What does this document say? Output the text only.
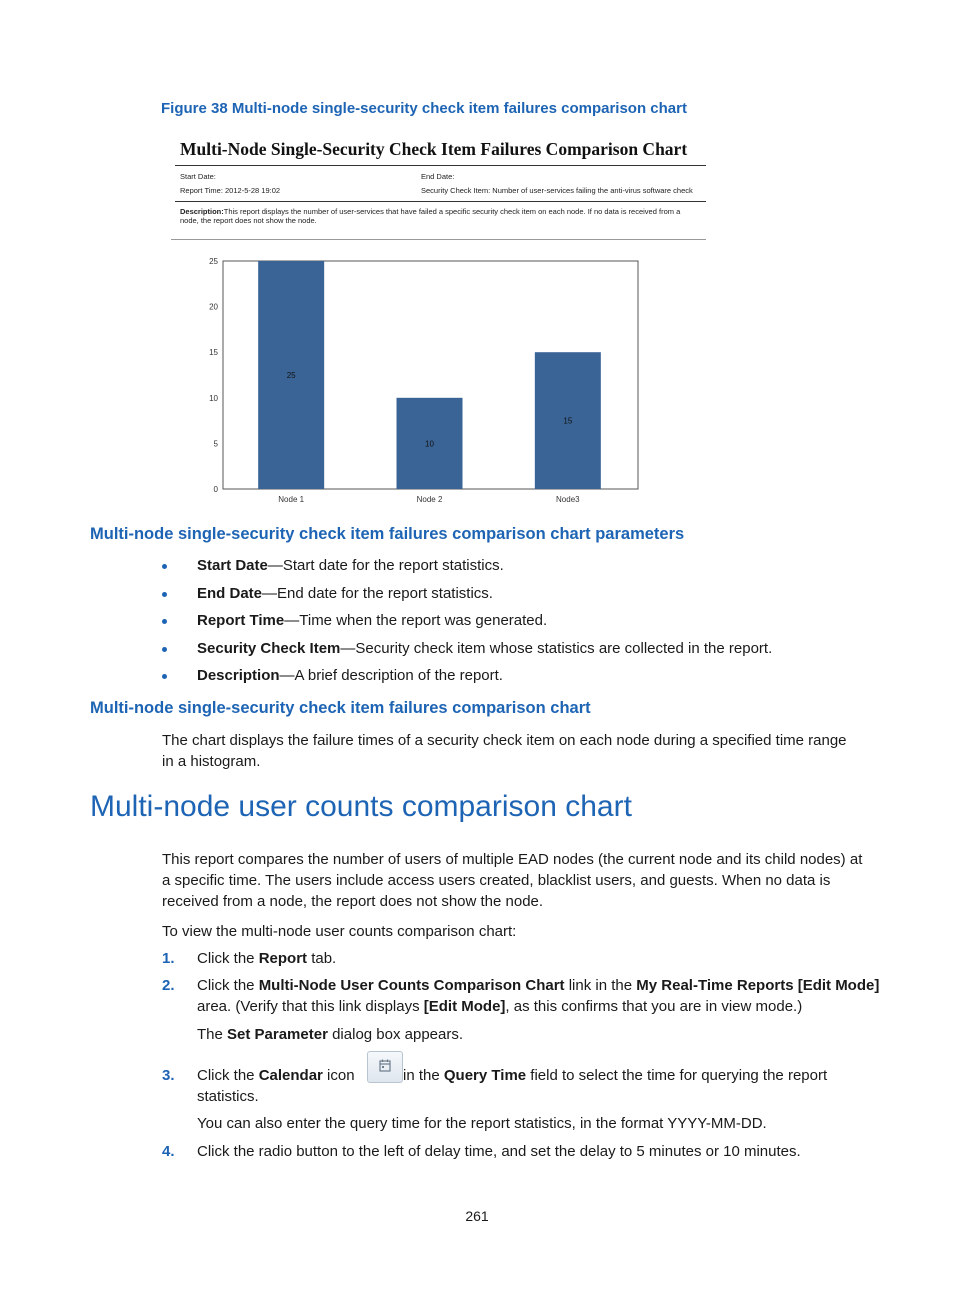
Figure 38 Multi-node single-security check item failures comparison chart
Multi-Node Single-Security Check Item Failures Comparison Chart
Start Date:	End Date:
Report Time: 2012-5-28 19:02	Security Check Item: Number of user-services failing the anti-virus software check
Description:This report displays the number of user-services that have failed a specific security check item on each node. If no data is received from a node, the report does not show the node.
0
5
10
15
20
25
25
Node 1
10
Node 2
15
Node3
Multi-node single-security check item failures comparison chart parameters
Start Date—Start date for the report statistics.
End Date—End date for the report statistics.
Report Time—Time when the report was generated.
Security Check Item—Security check item whose statistics are collected in the report.
Description—A brief description of the report.
Multi-node single-security check item failures comparison chart
The chart displays the failure times of a security check item on each node during a specified time range
in a histogram.
Multi-node user counts comparison chart
This report compares the number of users of multiple EAD nodes (the current node and its child nodes) at
a specific time. The users include access users created, blacklist users, and guests. When no data is
received from a node, the report does not show the node.
To view the multi-node user counts comparison chart:
1. Click the Report tab.
2. Click the Multi-Node User Counts Comparison Chart link in the My Real-Time Reports [Edit Mode]
area. (Verify that this link displays [Edit Mode], as this confirms that you are in view mode.)
The Set Parameter dialog box appears.
3. Click the Calendar icon	in the Query Time field to select the time for querying the report
statistics.
You can also enter the query time for the report statistics, in the format YYYY-MM-DD.
4. Click the radio button to the left of delay time, and set the delay to 5 minutes or 10 minutes.
261
